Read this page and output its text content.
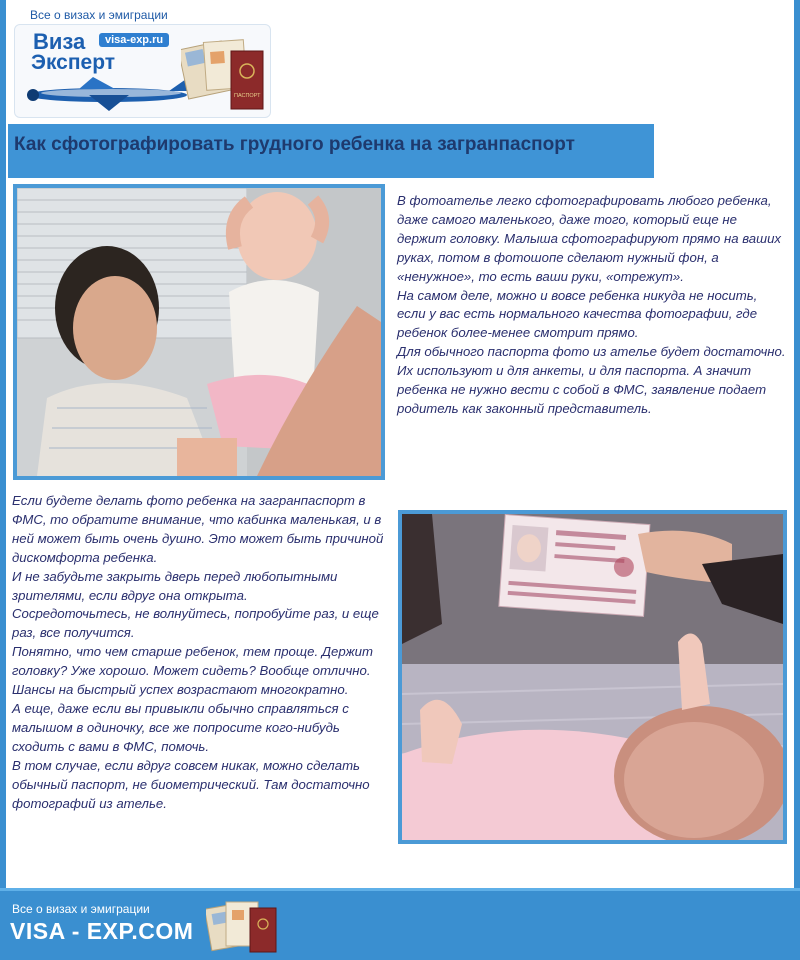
Все о визах и эмиграции
Виза
Эксперт
visa-exp.ru
ПАСПОРТ
Как сфотографировать грудного ребенка на загранпаспорт

В фотоателье легко сфотографировать любого ребенка, даже самого маленького, даже того, который еще не держит головку. Малыша сфотографируют прямо на ваших руках, потом в фотошопе сделают нужный фон, а «ненужное», то есть ваши руки, «отрежут».

На самом деле, можно и вовсе ребенка никуда не носить, если у вас есть нормального качества фотографии, где ребенок более-менее смотрит прямо.

Для обычного паспорта фото из ателье будет достаточно. Их используют и для анкеты, и для паспорта. А значит ребенка не нужно вести с собой в ФМС, заявление подает родитель как законный представитель.

Если будете делать фото ребенка на загранпаспорт в ФМС, то обратите внимание, что кабинка маленькая, и в ней может быть очень душно. Это может быть причиной дискомфорта ребенка.

И не забудьте закрыть дверь перед любопытными зрителями, если вдруг она открыта.

Сосредоточьтесь, не волнуйтесь, попробуйте раз, и еще раз, все получится.

Понятно, что чем старше ребенок, тем проще. Держит головку? Уже хорошо. Может сидеть? Вообще отлично. Шансы на быстрый успех возрастают многократно.

А еще, даже если вы привыкли обычно справляться с малышом в одиночку, все же попросите кого-нибудь сходить с вами в ФМС, помочь.

В том случае, если вдруг совсем никак, можно сделать обычный паспорт, не биометрический. Там достаточно фотографий из ателье.

Все о визах и эмиграции
VISA - EXP.COM
